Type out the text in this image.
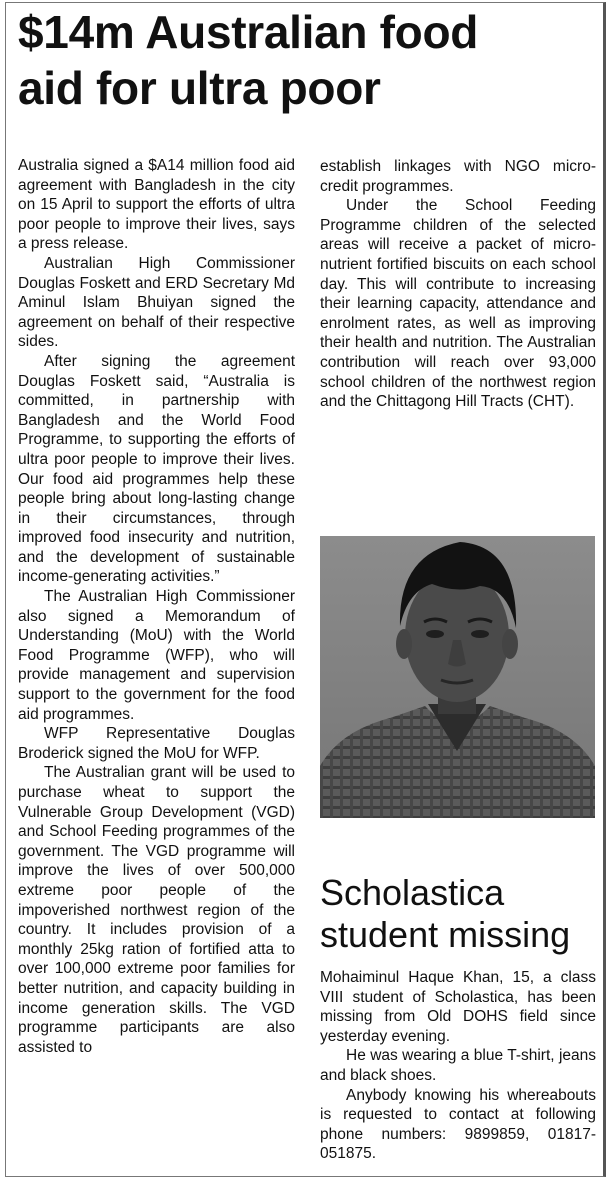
$14m Australian food
aid for ultra poor

Australia signed a $A14 million food aid agreement with Bangladesh in the city on 15 April to support the efforts of ultra poor people to improve their lives, says a press release.

Australian High Commissioner Douglas Foskett and ERD Secretary Md Aminul Islam Bhuiyan signed the agreement on behalf of their respective sides.

After signing the agreement Douglas Foskett said, “Australia is committed, in partnership with Bangladesh and the World Food Programme, to supporting the efforts of ultra poor people to improve their lives. Our food aid programmes help these people bring about long-lasting change in their circumstances, through improved food insecurity and nutrition, and the development of sustainable income-generating activities.”

The Australian High Commissioner also signed a Memorandum of Understanding (MoU) with the World Food Programme (WFP), who will provide management and supervision support to the government for the food aid programmes.

WFP Representative Douglas Broderick signed the MoU for WFP.

The Australian grant will be used to purchase wheat to support the Vulnerable Group Development (VGD) and School Feeding programmes of the government. The VGD programme will improve the lives of over 500,000 extreme poor people of the impoverished northwest region of the country. It includes provision of a monthly 25kg ration of fortified atta to over 100,000 extreme poor families for better nutrition, and capacity building in income generation skills. The VGD programme participants are also assisted to

establish linkages with NGO micro-credit programmes.

Under the School Feeding Programme children of the selected areas will receive a packet of micro-nutrient fortified biscuits on each school day. This will contribute to increasing their learning capacity, attendance and enrolment rates, as well as improving their health and nutrition. The Australian contribution will reach over 93,000 school children of the northwest region and the Chittagong Hill Tracts (CHT).

Scholastica
student missing

Mohaiminul Haque Khan, 15, a class VIII student of Scholastica, has been missing from Old DOHS field since yesterday evening.

He was wearing a blue T-shirt, jeans and black shoes.

Anybody knowing his whereabouts is requested to contact at following phone numbers: 9899859, 01817-051875.
